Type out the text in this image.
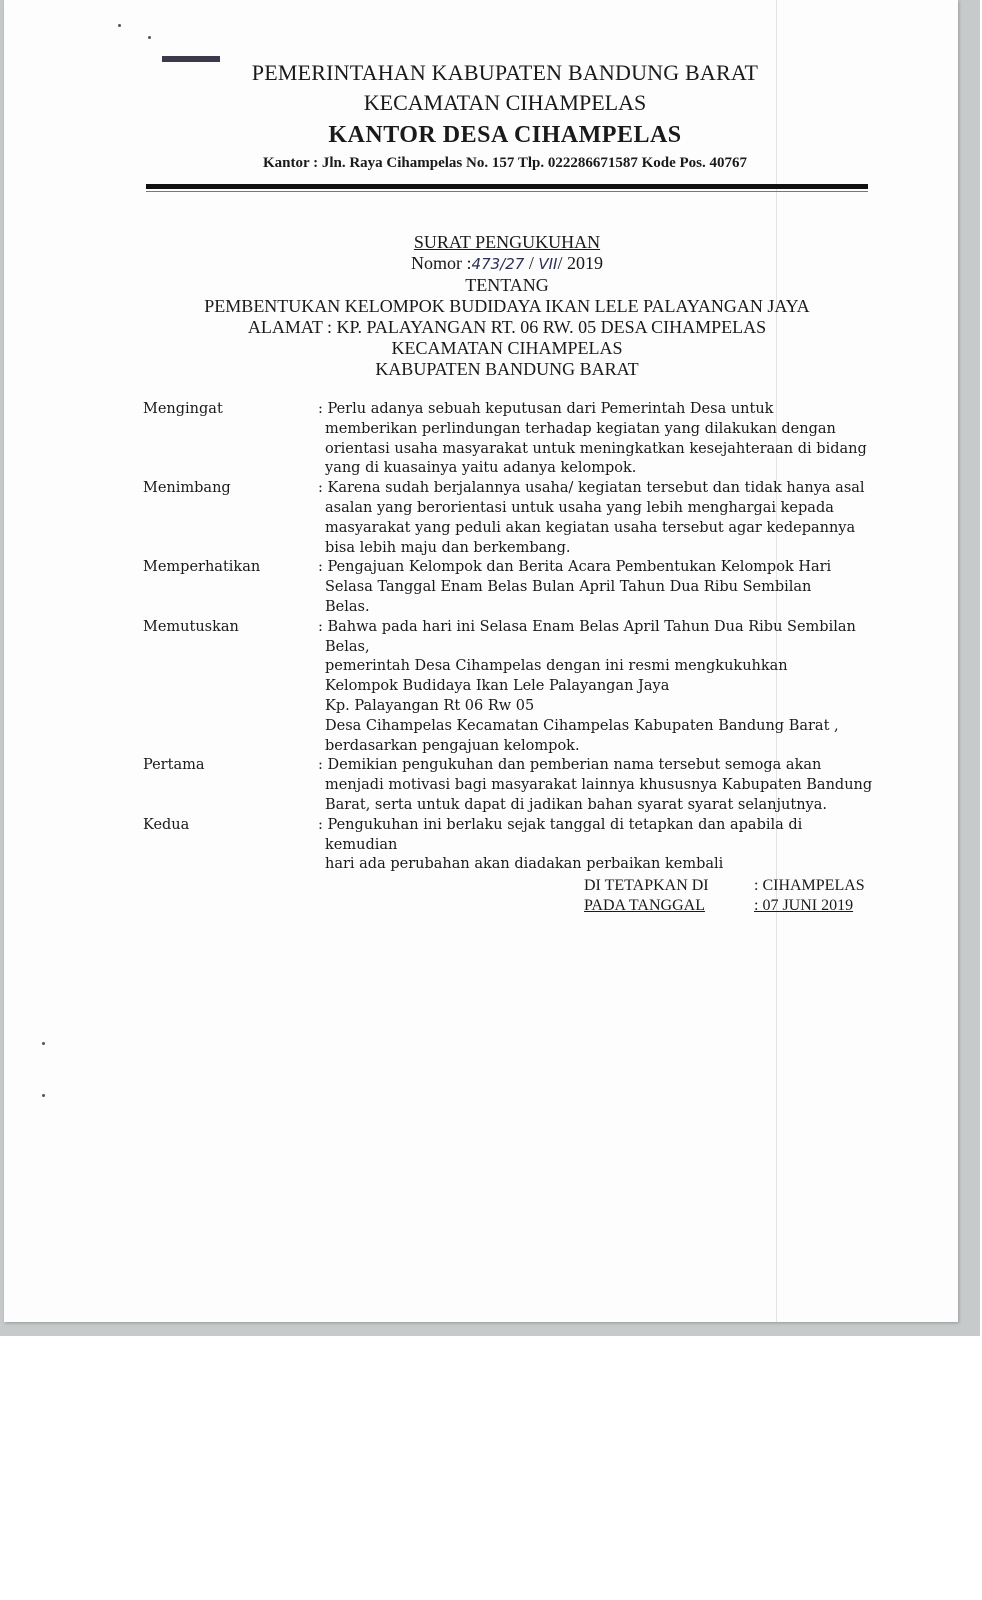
PEMERINTAHAN KABUPATEN BANDUNG BARAT
KECAMATAN CIHAMPELAS
KANTOR DESA CIHAMPELAS
Kantor : Jln. Raya Cihampelas No. 157 Tlp. 022286671587 Kode Pos. 40767
SURAT PENGUKUHAN
Nomor :473/27 / VII/ 2019
TENTANG
PEMBENTUKAN KELOMPOK BUDIDAYA IKAN LELE PALAYANGAN JAYA
ALAMAT : KP. PALAYANGAN RT. 06 RW. 05 DESA CIHAMPELAS
KECAMATAN CIHAMPELAS
KABUPATEN BANDUNG BARAT
Mengingat	: Perlu adanya sebuah keputusan dari Pemerintah Desa untuk
memberikan perlindungan terhadap kegiatan yang dilakukan dengan
orientasi usaha masyarakat untuk meningkatkan kesejahteraan di bidang
yang di kuasainya yaitu adanya kelompok.
Menimbang	: Karena sudah berjalannya usaha/ kegiatan tersebut dan tidak hanya asal
asalan yang berorientasi untuk usaha yang lebih menghargai kepada
masyarakat yang peduli akan kegiatan usaha tersebut agar kedepannya
bisa lebih maju dan berkembang.
Memperhatikan	: Pengajuan Kelompok dan Berita Acara Pembentukan Kelompok Hari
Selasa Tanggal Enam Belas Bulan April Tahun Dua Ribu Sembilan
Belas.
Memutuskan	: Bahwa pada hari ini Selasa Enam Belas April Tahun Dua Ribu Sembilan
Belas,
pemerintah Desa Cihampelas dengan ini resmi mengkukuhkan
Kelompok Budidaya Ikan Lele Palayangan Jaya
Kp. Palayangan Rt 06 Rw 05
Desa Cihampelas Kecamatan Cihampelas Kabupaten Bandung Barat ,
berdasarkan pengajuan kelompok.
Pertama	: Demikian pengukuhan dan pemberian nama tersebut semoga akan
menjadi motivasi bagi masyarakat lainnya khususnya Kabupaten Bandung
Barat, serta untuk dapat di jadikan bahan syarat syarat selanjutnya.
Kedua	: Pengukuhan ini berlaku sejak tanggal di tetapkan dan apabila di kemudian
hari ada perubahan akan diadakan perbaikan kembali
DI TETAPKAN DI	: CIHAMPELAS
PADA TANGGAL	: 07 JUNI 2019
